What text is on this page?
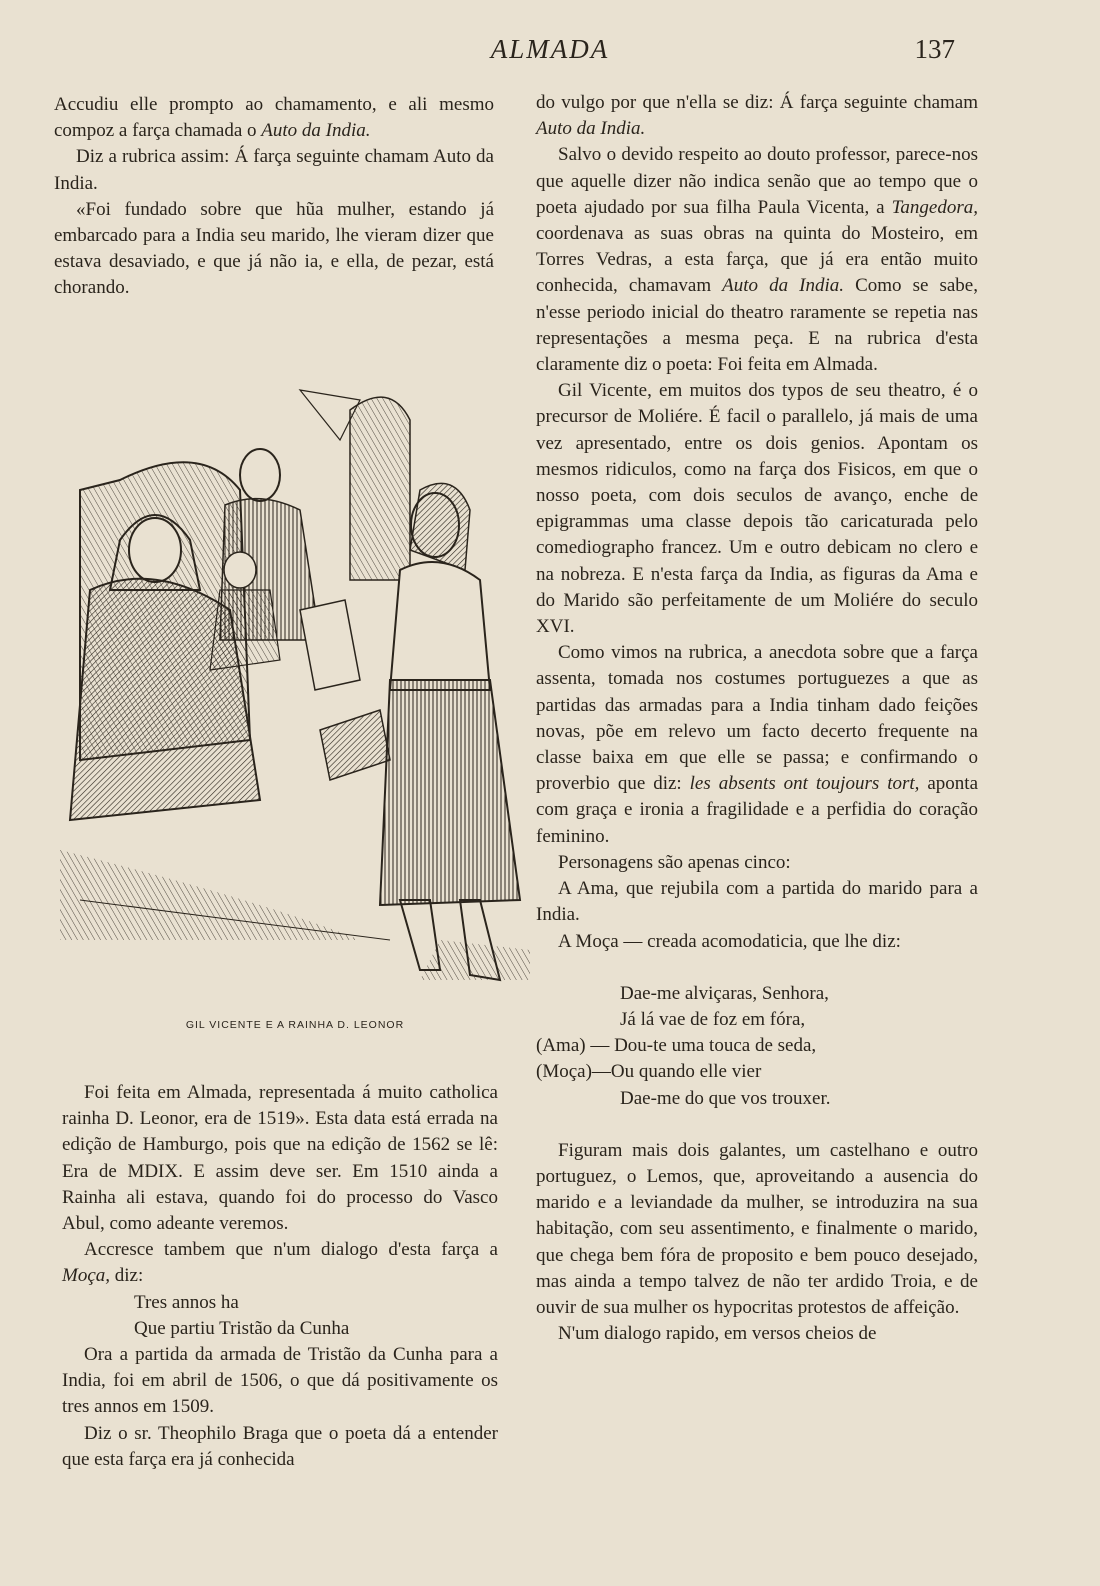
ALMADA	137

Accudiu elle prompto ao chamamento, e ali mesmo compoz a farça chamada o Auto da India.

Diz a rubrica assim: Á farça seguinte chamam Auto da India.

«Foi fundado sobre que hũa mulher, estando já embarcado para a India seu marido, lhe vieram dizer que estava desaviado, e que já não ia, e ella, de pezar, está chorando.

GIL VICENTE E A RAINHA D. LEONOR

Foi feita em Almada, representada á muito catholica rainha D. Leonor, era de 1519». Esta data está errada na edição de Hamburgo, pois que na edição de 1562 se lê: Era de MDIX. E assim deve ser. Em 1510 ainda a Rainha ali estava, quando foi do processo do Vasco Abul, como adeante veremos.

Accresce tambem que n'um dialogo d'esta farça a Moça, diz:

Tres annos ha
Que partiu Tristão da Cunha

Ora a partida da armada de Tristão da Cunha para a India, foi em abril de 1506, o que dá positivamente os tres annos em 1509.

Diz o sr. Theophilo Braga que o poeta dá a entender que esta farça era já conhecida

do vulgo por que n'ella se diz: Á farça seguinte chamam Auto da India.

Salvo o devido respeito ao douto professor, parece-nos que aquelle dizer não indica senão que ao tempo que o poeta ajudado por sua filha Paula Vicenta, a Tangedora, coordenava as suas obras na quinta do Mosteiro, em Torres Vedras, a esta farça, que já era então muito conhecida, chamavam Auto da India. Como se sabe, n'esse periodo inicial do theatro raramente se repetia nas representações a mesma peça. E na rubrica d'esta claramente diz o poeta: Foi feita em Almada.

Gil Vicente, em muitos dos typos de seu theatro, é o precursor de Moliére. É facil o parallelo, já mais de uma vez apresentado, entre os dois genios. Apontam os mesmos ridiculos, como na farça dos Fisicos, em que o nosso poeta, com dois seculos de avanço, enche de epigrammas uma classe depois tão caricaturada pelo comediographo francez. Um e outro debicam no clero e na nobreza. E n'esta farça da India, as figuras da Ama e do Marido são perfeitamente de um Moliére do seculo XVI.

Como vimos na rubrica, a anecdota sobre que a farça assenta, tomada nos costumes portuguezes a que as partidas das armadas para a India tinham dado feições novas, põe em relevo um facto decerto frequente na classe baixa em que elle se passa; e confirmando o proverbio que diz: les absents ont toujours tort, aponta com graça e ironia a fragilidade e a perfidia do coração feminino.

Personagens são apenas cinco:

A Ama, que rejubila com a partida do marido para a India.

A Moça — creada acomodaticia, que lhe diz:

Dae-me alviçaras, Senhora,
Já lá vae de foz em fóra,
(Ama) — Dou-te uma touca de seda,
(Moça)—Ou quando elle vier
Dae-me do que vos trouxer.

Figuram mais dois galantes, um castelhano e outro portuguez, o Lemos, que, aproveitando a ausencia do marido e a leviandade da mulher, se introduzira na sua habitação, com seu assentimento, e finalmente o marido, que chega bem fóra de proposito e bem pouco desejado, mas ainda a tempo talvez de não ter ardido Troia, e de ouvir de sua mulher os hypocritas protestos de affeição.

N'um dialogo rapido, em versos cheios de
